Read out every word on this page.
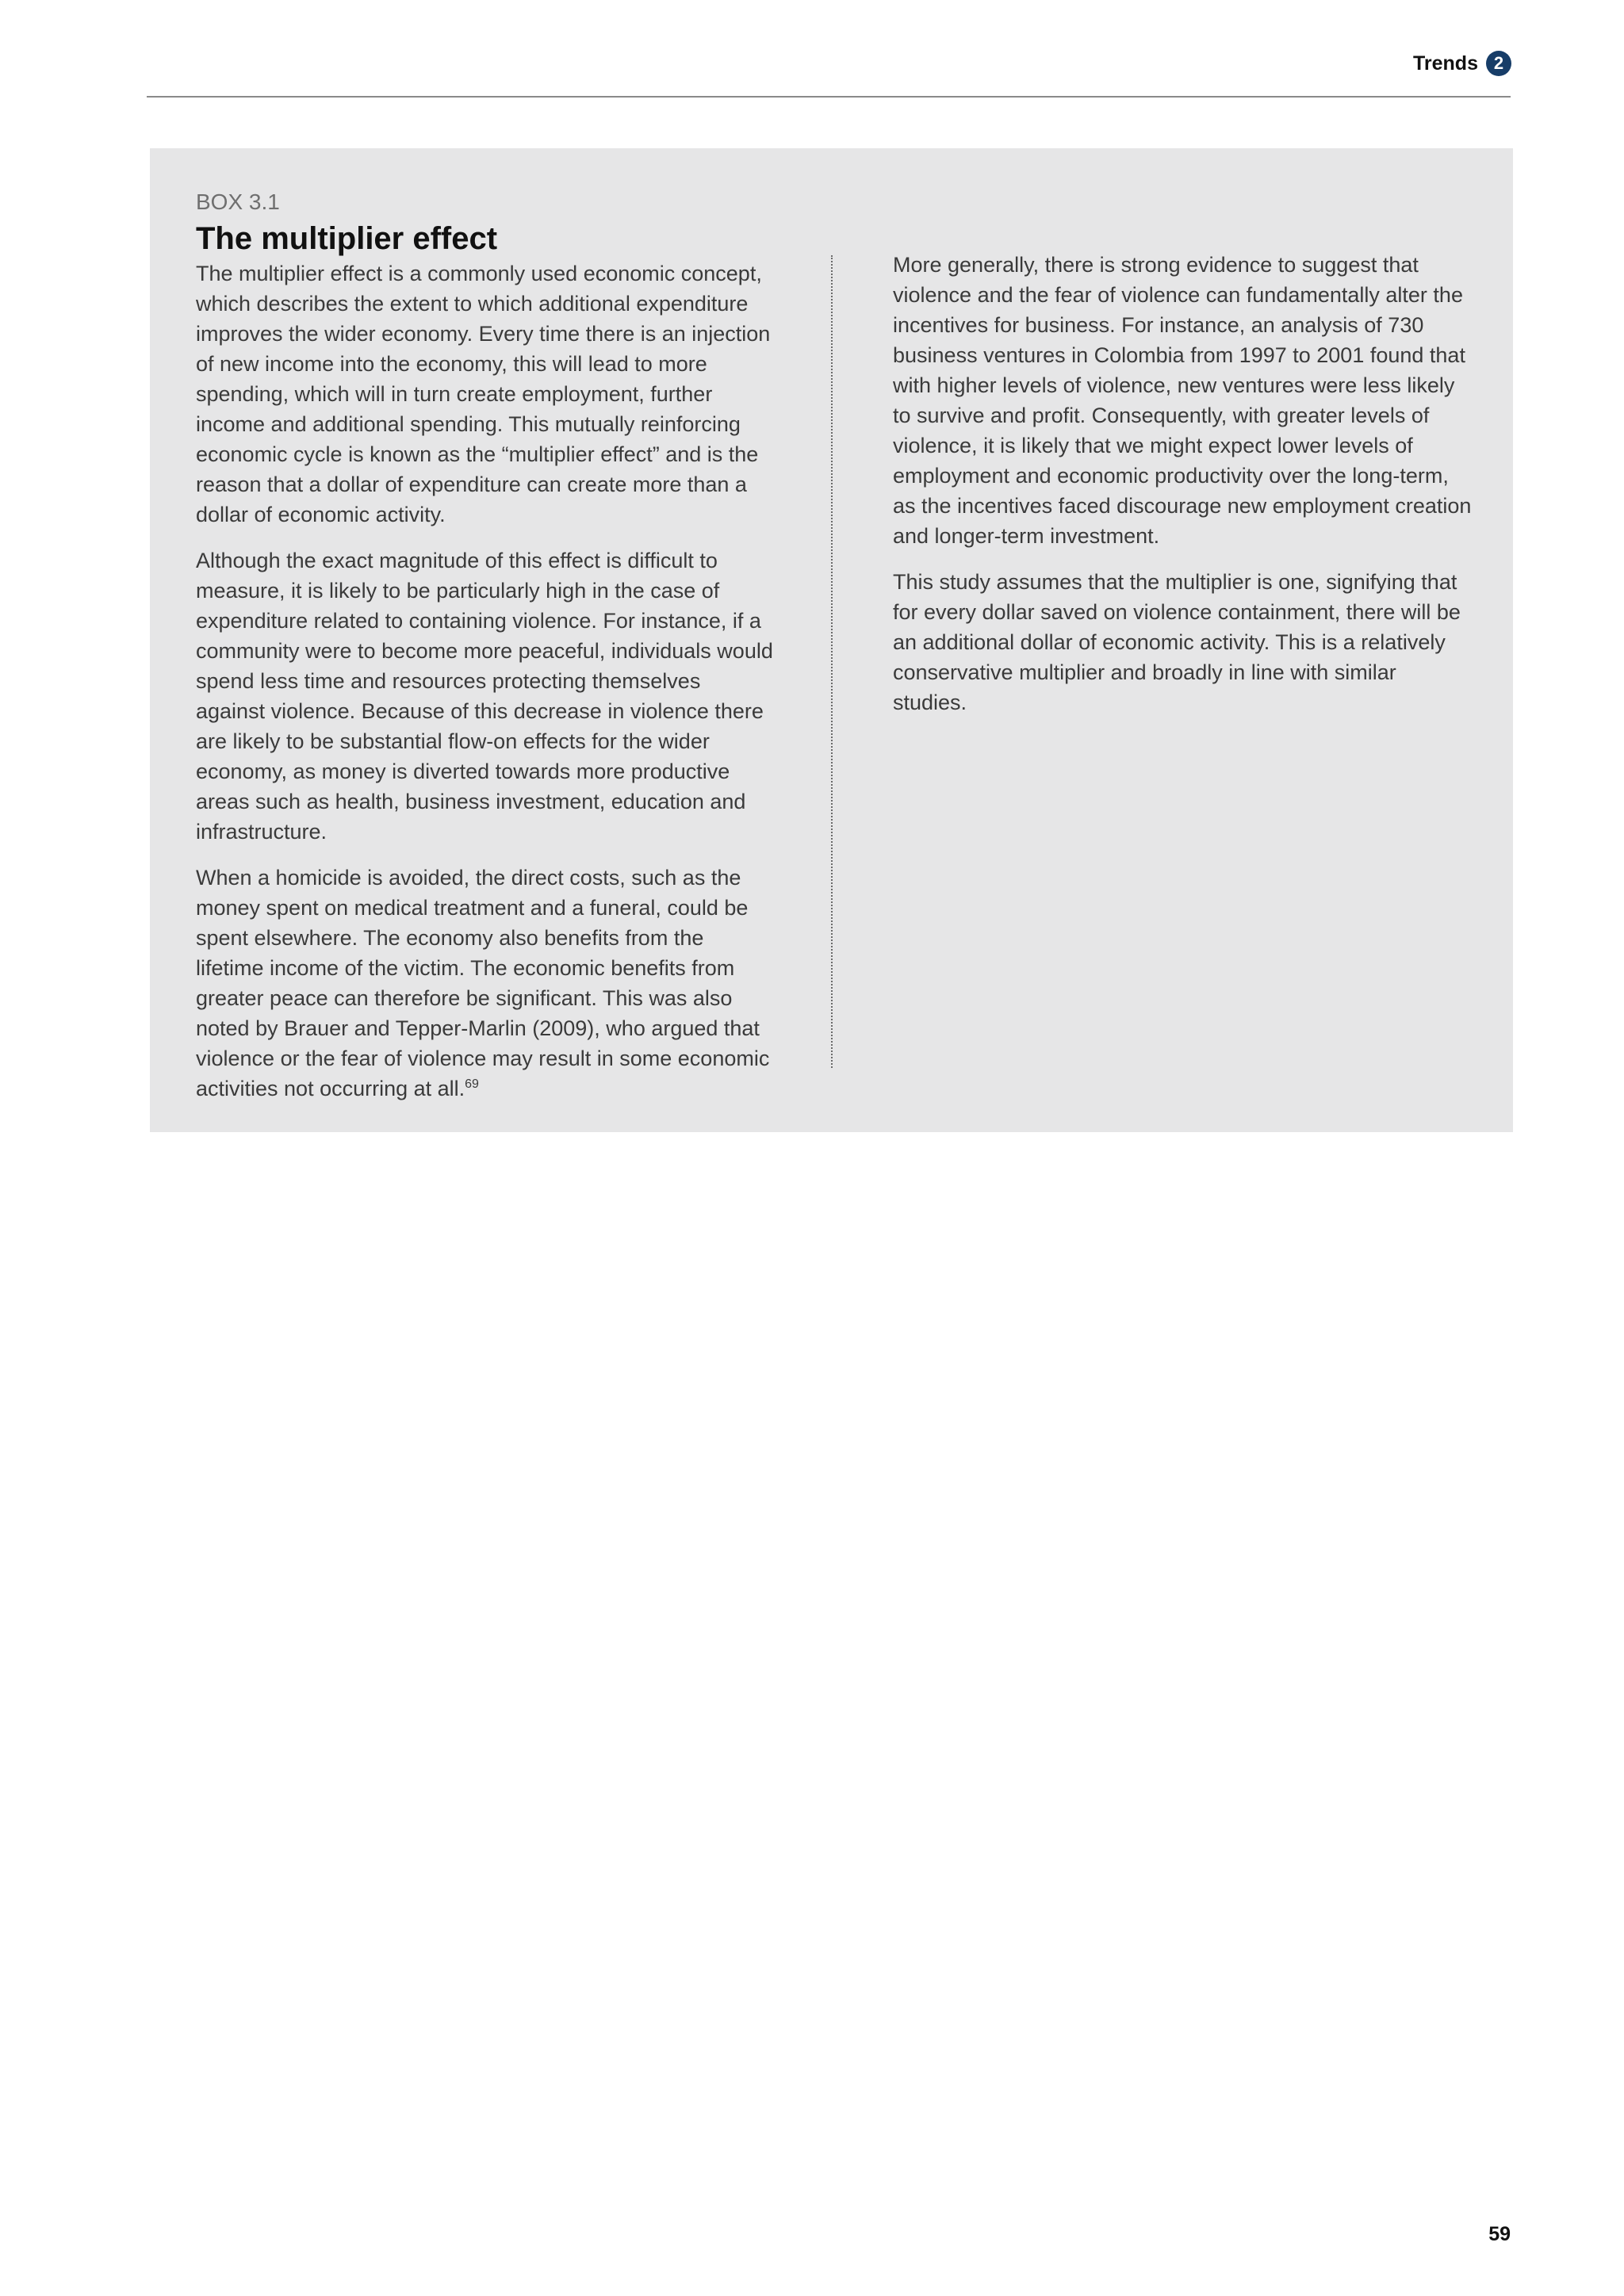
Trends 2

BOX 3.1

The multiplier effect

The multiplier effect is a commonly used economic concept, which describes the extent to which additional expenditure improves the wider economy. Every time there is an injection of new income into the economy, this will lead to more spending, which will in turn create employment, further income and additional spending. This mutually reinforcing economic cycle is known as the “multiplier effect” and is the reason that a dollar of expenditure can create more than a dollar of economic activity.

Although the exact magnitude of this effect is difficult to measure, it is likely to be particularly high in the case of expenditure related to containing violence. For instance, if a community were to become more peaceful, individuals would spend less time and resources protecting themselves against violence. Because of this decrease in violence there are likely to be substantial flow-on effects for the wider economy, as money is diverted towards more productive areas such as health, business investment, education and infrastructure.

When a homicide is avoided, the direct costs, such as the money spent on medical treatment and a funeral, could be spent elsewhere. The economy also benefits from the lifetime income of the victim. The economic benefits from greater peace can therefore be significant. This was also noted by Brauer and Tepper-Marlin (2009), who argued that violence or the fear of violence may result in some economic activities not occurring at all.$^{69}$

More generally, there is strong evidence to suggest that violence and the fear of violence can fundamentally alter the incentives for business. For instance, an analysis of 730 business ventures in Colombia from 1997 to 2001 found that with higher levels of violence, new ventures were less likely to survive and profit. Consequently, with greater levels of violence, it is likely that we might expect lower levels of employment and economic productivity over the long-term, as the incentives faced discourage new employment creation and longer-term investment.

This study assumes that the multiplier is one, signifying that for every dollar saved on violence containment, there will be an additional dollar of economic activity. This is a relatively conservative multiplier and broadly in line with similar studies.

59
